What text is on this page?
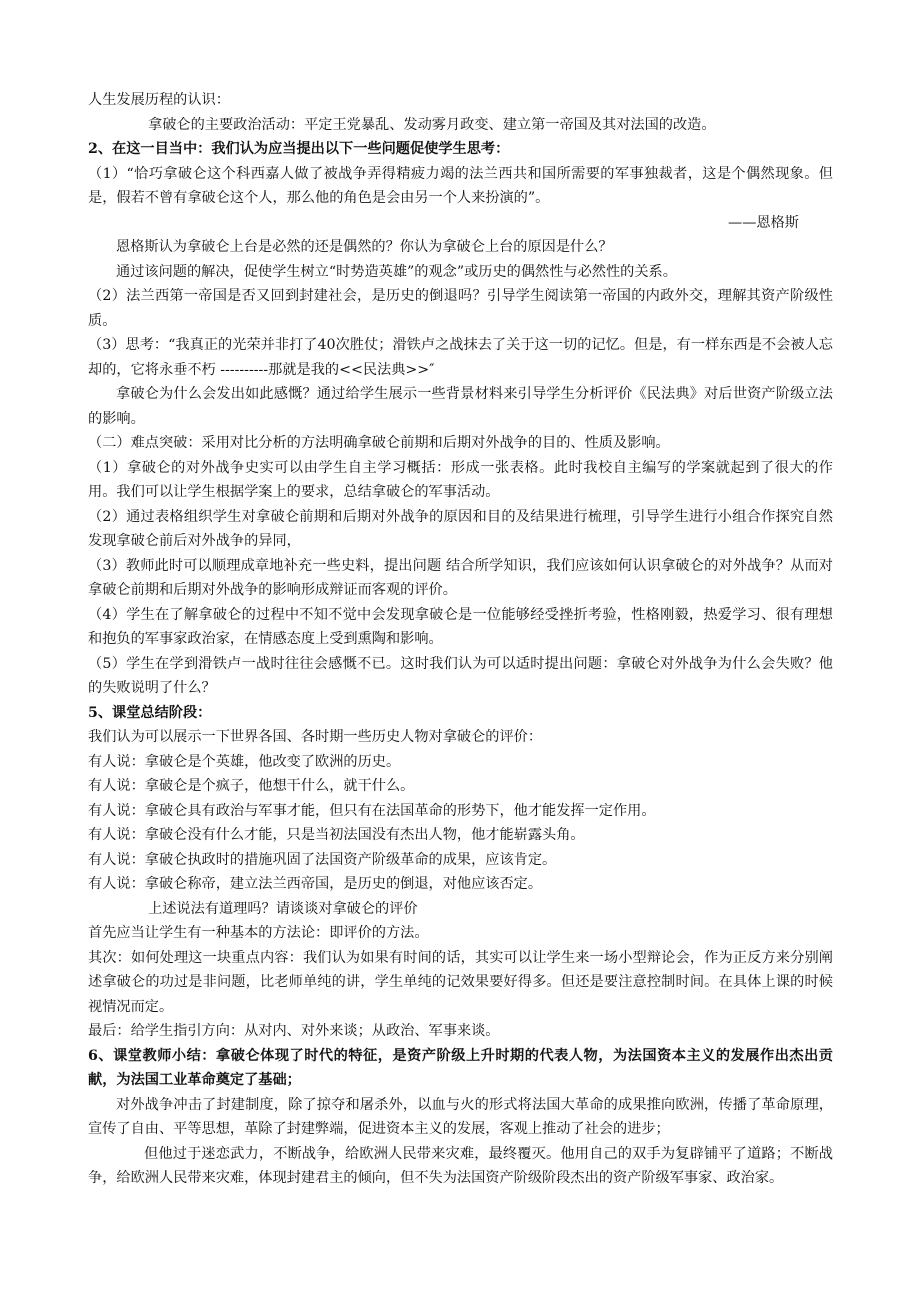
人生发展历程的认识：

拿破仑的主要政治活动：平定王党暴乱、发动雾月政变、建立第一帝国及其对法国的改造。

2、在这一目当中：我们认为应当提出以下一些问题促使学生思考：

（1）“恰巧拿破仑这个科西嘉人做了被战争弄得精疲力竭的法兰西共和国所需要的军事独裁者，这是个偶然现象。但是，假若不曾有拿破仑这个人，那么他的角色是会由另一个人来扮演的”。

——恩格斯

恩格斯认为拿破仑上台是必然的还是偶然的？你认为拿破仑上台的原因是什么？

通过该问题的解决，促使学生树立“时势造英雄”的观念”或历史的偶然性与必然性的关系。

（2）法兰西第一帝国是否又回到封建社会，是历史的倒退吗？引导学生阅读第一帝国的内政外交，理解其资产阶级性质。

（3）思考：“我真正的光荣并非打了40次胜仗；滑铁卢之战抹去了关于这一切的记忆。但是，有一样东西是不会被人忘却的，它将永垂不朽 ----------那就是我的<<民法典>>″

拿破仑为什么会发出如此感慨？通过给学生展示一些背景材料来引导学生分析评价《民法典》对后世资产阶级立法的影响。

（二）难点突破：采用对比分析的方法明确拿破仑前期和后期对外战争的目的、性质及影响。

（1）拿破仑的对外战争史实可以由学生自主学习概括：形成一张表格。此时我校自主编写的学案就起到了很大的作用。我们可以让学生根据学案上的要求，总结拿破仑的军事活动。

（2）通过表格组织学生对拿破仑前期和后期对外战争的原因和目的及结果进行梳理，引导学生进行小组合作探究自然发现拿破仑前后对外战争的异同，

（3）教师此时可以顺理成章地补充一些史料，提出问题 结合所学知识，我们应该如何认识拿破仑的对外战争？从而对拿破仑前期和后期对外战争的影响形成辩证而客观的评价。

（4）学生在了解拿破仑的过程中不知不觉中会发现拿破仑是一位能够经受挫折考验，性格刚毅，热爱学习、很有理想和抱负的军事家政治家，在情感态度上受到熏陶和影响。

（5）学生在学到滑铁卢一战时往往会感慨不已。这时我们认为可以适时提出问题：拿破仑对外战争为什么会失败？他的失败说明了什么？

5、课堂总结阶段：

我们认为可以展示一下世界各国、各时期一些历史人物对拿破仑的评价：

有人说：拿破仑是个英雄，他改变了欧洲的历史。

有人说：拿破仑是个疯子，他想干什么，就干什么。

有人说：拿破仑具有政治与军事才能，但只有在法国革命的形势下，他才能发挥一定作用。

有人说：拿破仑没有什么才能，只是当初法国没有杰出人物，他才能崭露头角。

有人说：拿破仑执政时的措施巩固了法国资产阶级革命的成果，应该肯定。

有人说：拿破仑称帝，建立法兰西帝国，是历史的倒退，对他应该否定。

上述说法有道理吗？请谈谈对拿破仑的评价

首先应当让学生有一种基本的方法论：即评价的方法。

其次：如何处理这一块重点内容：我们认为如果有时间的话，其实可以让学生来一场小型辩论会，作为正反方来分别阐述拿破仑的功过是非问题，比老师单纯的讲，学生单纯的记效果要好得多。但还是要注意控制时间。在具体上课的时候视情况而定。

最后：给学生指引方向：从对内、对外来谈；从政治、军事来谈。

6、课堂教师小结：拿破仑体现了时代的特征，是资产阶级上升时期的代表人物，为法国资本主义的发展作出杰出贡献，为法国工业革命奠定了基础；

对外战争冲击了封建制度，除了掠夺和屠杀外，以血与火的形式将法国大革命的成果推向欧洲，传播了革命原理，宣传了自由、平等思想，革除了封建弊端，促进资本主义的发展，客观上推动了社会的进步；

但他过于迷恋武力，不断战争，给欧洲人民带来灾难，最终覆灭。他用自己的双手为复辟铺平了道路；不断战争，给欧洲人民带来灾难，体现封建君主的倾向，但不失为法国资产阶级阶段杰出的资产阶级军事家、政治家。
